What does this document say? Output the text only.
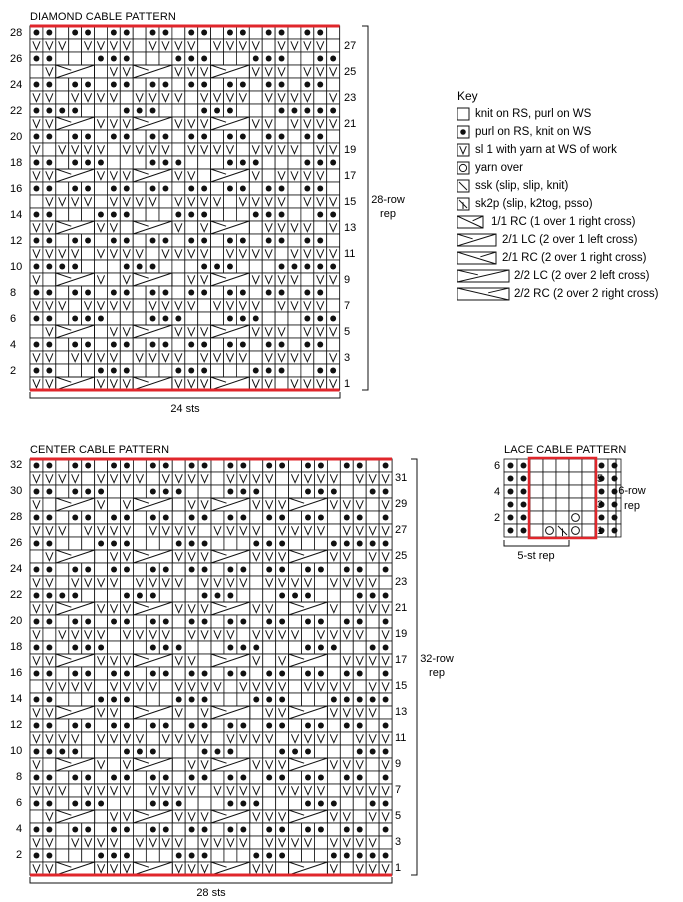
DIAMOND CABLE PATTERN
2
4
6
8
10
12
14
16
18
20
22
24
26
28
1
3
5
7
9
11
13
15
17
19
21
23
25
27
28-row
rep
24 sts
CENTER CABLE PATTERN
2
4
6
8
10
12
14
16
18
20
22
24
26
28
30
32
1
3
5
7
9
11
13
15
17
19
21
23
25
27
29
31
32-row
rep
28 sts
LACE CABLE PATTERN
2
4
6
1
3
5
6-row
rep
5-st rep
Key
knit on RS, purl on WS
purl on RS, knit on WS
sl 1 with yarn at WS of work
yarn over
ssk (slip, slip, knit)
sk2p (slip, k2tog, psso)
1/1 RC (1 over 1 right cross)
2/1 LC (2 over 1 left cross)
2/1 RC (2 over 1 right cross)
2/2 LC (2 over 2 left cross)
2/2 RC (2 over 2 right cross)
